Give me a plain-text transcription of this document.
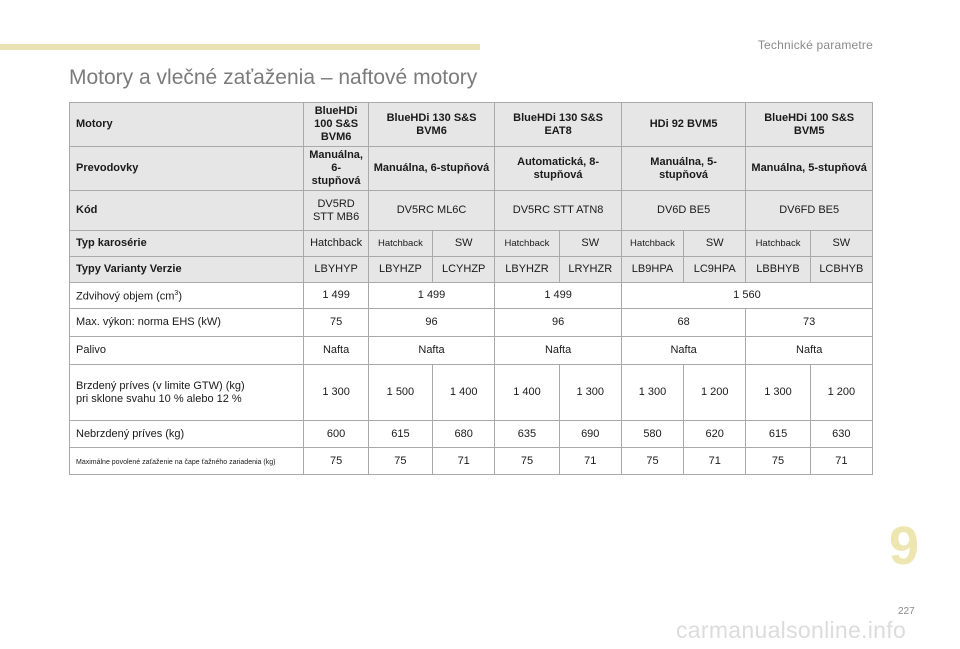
Technické parametre
Motory a vlečné zaťaženia – naftové motory
Motory	BlueHDi 100 S&S BVM6	BlueHDi 130 S&S BVM6		BlueHDi 130 S&S EAT8		HDi 92 BVM5		BlueHDi 100 S&S BVM5	
Prevodovky	Manuálna, 6-stupňová	Manuálna, 6-stupňová		Automatická, 8-stupňová		Manuálna, 5-stupňová		Manuálna, 5-stupňová	
Kód	DV5RD STT MB6	DV5RC ML6C		DV5RC STT ATN8		DV6D BE5		DV6FD BE5	
Typ karosérie	Hatchback	Hatchback	SW	Hatchback	SW	Hatchback	SW	Hatchback	SW
Typy Varianty Verzie	LBYHYP	LBYHZP	LCYHZP	LBYHZR	LRYHZR	LB9HPA	LC9HPA	LBBHYB	LCBHYB
Zdvihový objem $(cm^3)$	1 499	1 499		1 499		1 560			
Max. výkon: norma EHS (kW)	75	96		96		68		73	
Palivo	Nafta	Nafta		Nafta		Nafta		Nafta	

Brzdený príves (v limite GTW) (kg)
pri sklone svahu 10 % alebo 12 %	1 300	1 500	1 400	1 400	1 300	1 300	1 200	1 300	1 200
Nebrzdený príves (kg)	600	615	680	635	690	580	620	615	630
Maximálne povolené zaťaženie na čape ťažného zariadenia (kg)	75	75	71	75	71	75	71	75	71
9
227
carmanualsonline.info
